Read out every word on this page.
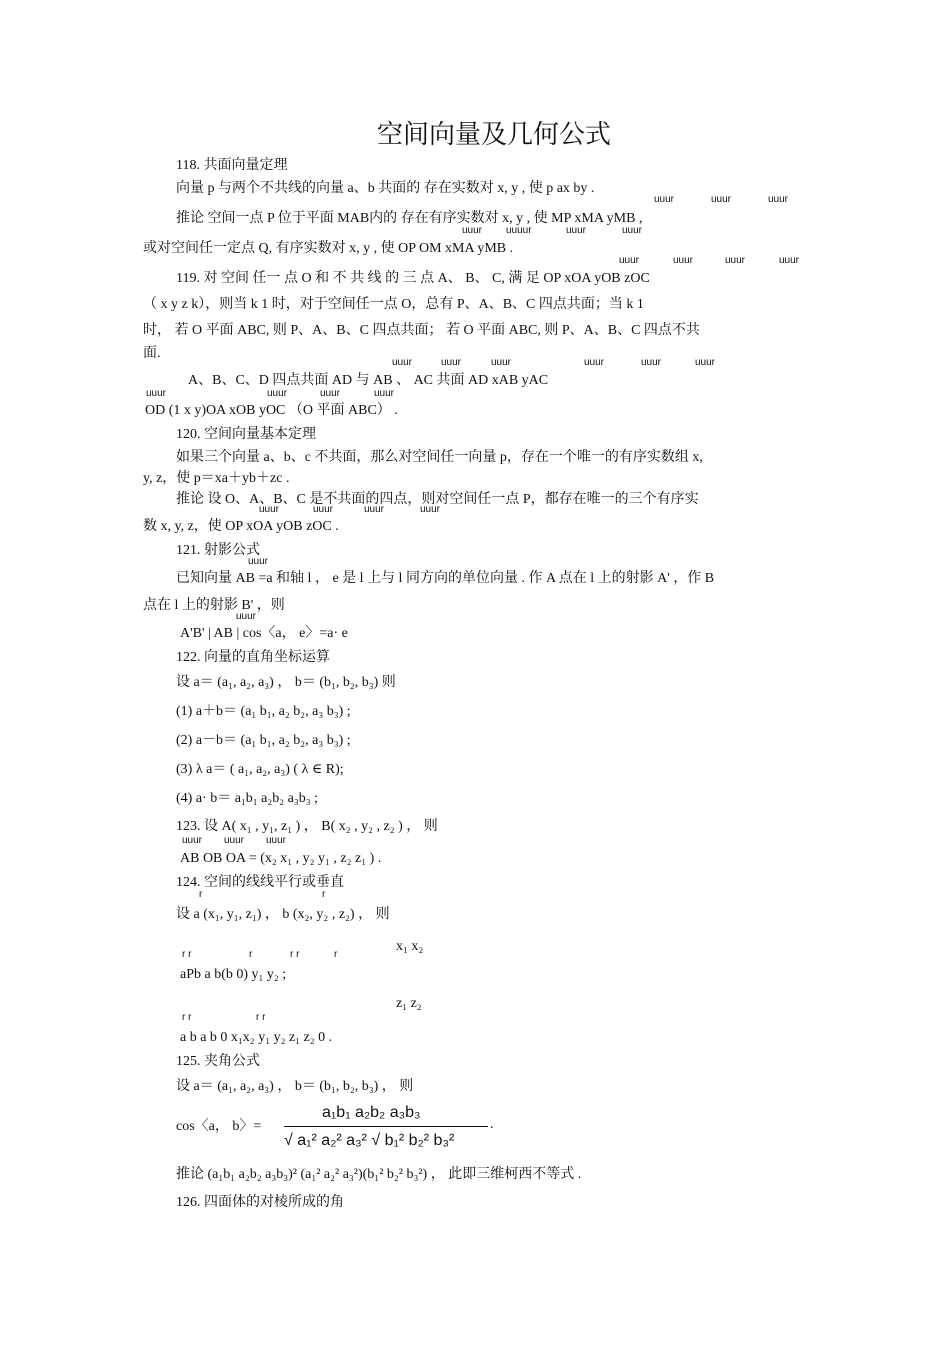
空间向量及几何公式
118. 共面向量定理
向量 p 与两个不共线的向量 a、b 共面的 存在实数对 x, y , 使 p ax by .
推论 空间一点 P 位于平面 MAB内的 存在有序实数对 x, y , 使 MP xMA yMB ,
或对空间任一定点 Q, 有序实数对 x, y , 使 OP OM xMA yMB .
119. 对 空间 任一 点 O 和 不 共 线 的 三 点 A、 B、 C, 满 足 OP xOA yOB zOC
（ x y z k），则当 k 1 时，对于空间任一点 O，总有 P、A、B、C 四点共面；当 k 1
时， 若 O 平面 ABC, 则 P、A、B、C 四点共面； 若 O 平面 ABC, 则 P、A、B、C 四点不共
面.
A、B、C、D 四点共面 AD 与 AB 、 AC 共面 AD xAB yAC
OD (1 x y)OA xOB yOC （O 平面 ABC） .
120. 空间向量基本定理
如果三个向量 a、b、c 不共面，那么对空间任一向量 p，存在一个唯一的有序实数组 x,
y, z，使 p＝xa＋yb＋zc .
推论 设 O、A、B、C 是不共面的四点，则对空间任一点 P，都存在唯一的三个有序实
数 x, y, z，使 OP xOA yOB zOC .
121. 射影公式
已知向量 AB =a 和轴 l ， e 是 l 上与 l 同方向的单位向量 . 作 A 点在 l 上的射影 A' ，作 B
点在 l 上的射影 B' ，则
A'B' | AB | cos〈a， e〉=a· e
122. 向量的直角坐标运算
设 a＝ (a₁, a₂, a₃) ， b＝ (b₁, b₂, b₃) 则
(1) a＋b＝ (a₁ b₁, a₂ b₂, a₃ b₃) ;
(2) a－b＝ (a₁ b₁, a₂ b₂, a₃ b₃) ;
(3) λ a＝ ( a₁, a₂, a₃) ( λ ∈ R);
(4) a· b＝ a₁b₁ a₂b₂ a₃b₃ ;
123. 设 A( x₁ , y₁, z₁ ) ， B( x₂ , y₂ , z₂ ) ， 则
AB OB OA = (x₂ x₁ , y₂ y₁ , z₂ z₁ ) .
124. 空间的线线平行或垂直
设 a (x₁, y₁, z₁) ， b (x₂, y₂ , z₂) ， 则
x₁ x₂
aPb a b(b 0) y₁ y₂ ;
z₁ z₂
a b a b 0 x₁x₂ y₁ y₂ z₁ z₂ 0 .
125. 夹角公式
设 a＝ (a₁, a₂, a₃) ， b＝ (b₁, b₂, b₃) ， 则
cos〈a， b〉=
推论 (a₁b₁ a₂b₂ a₃b₃)² (a₁² a₂² a₃²)(b₁² b₂² b₃²) ， 此即三维柯西不等式 .
126. 四面体的对棱所成的角
uuur	uuur	uuur
uuur uuuur	uuur	uuur
uuur	uuur	uuur	uuur
uuur	uuur	uuur	uuur	uuur	uuur
uuur	uuur	uuur	uuur
uuur	uuur	uuur	uuur
uuur
uuur
uuur uuur uuur
r	r
r r	r	r r	r
r r	r r
a₁b₁ a₂b₂ a₃b₃
√ a₁² a₂² a₃² √ b₁² b₂² b₃²
.
